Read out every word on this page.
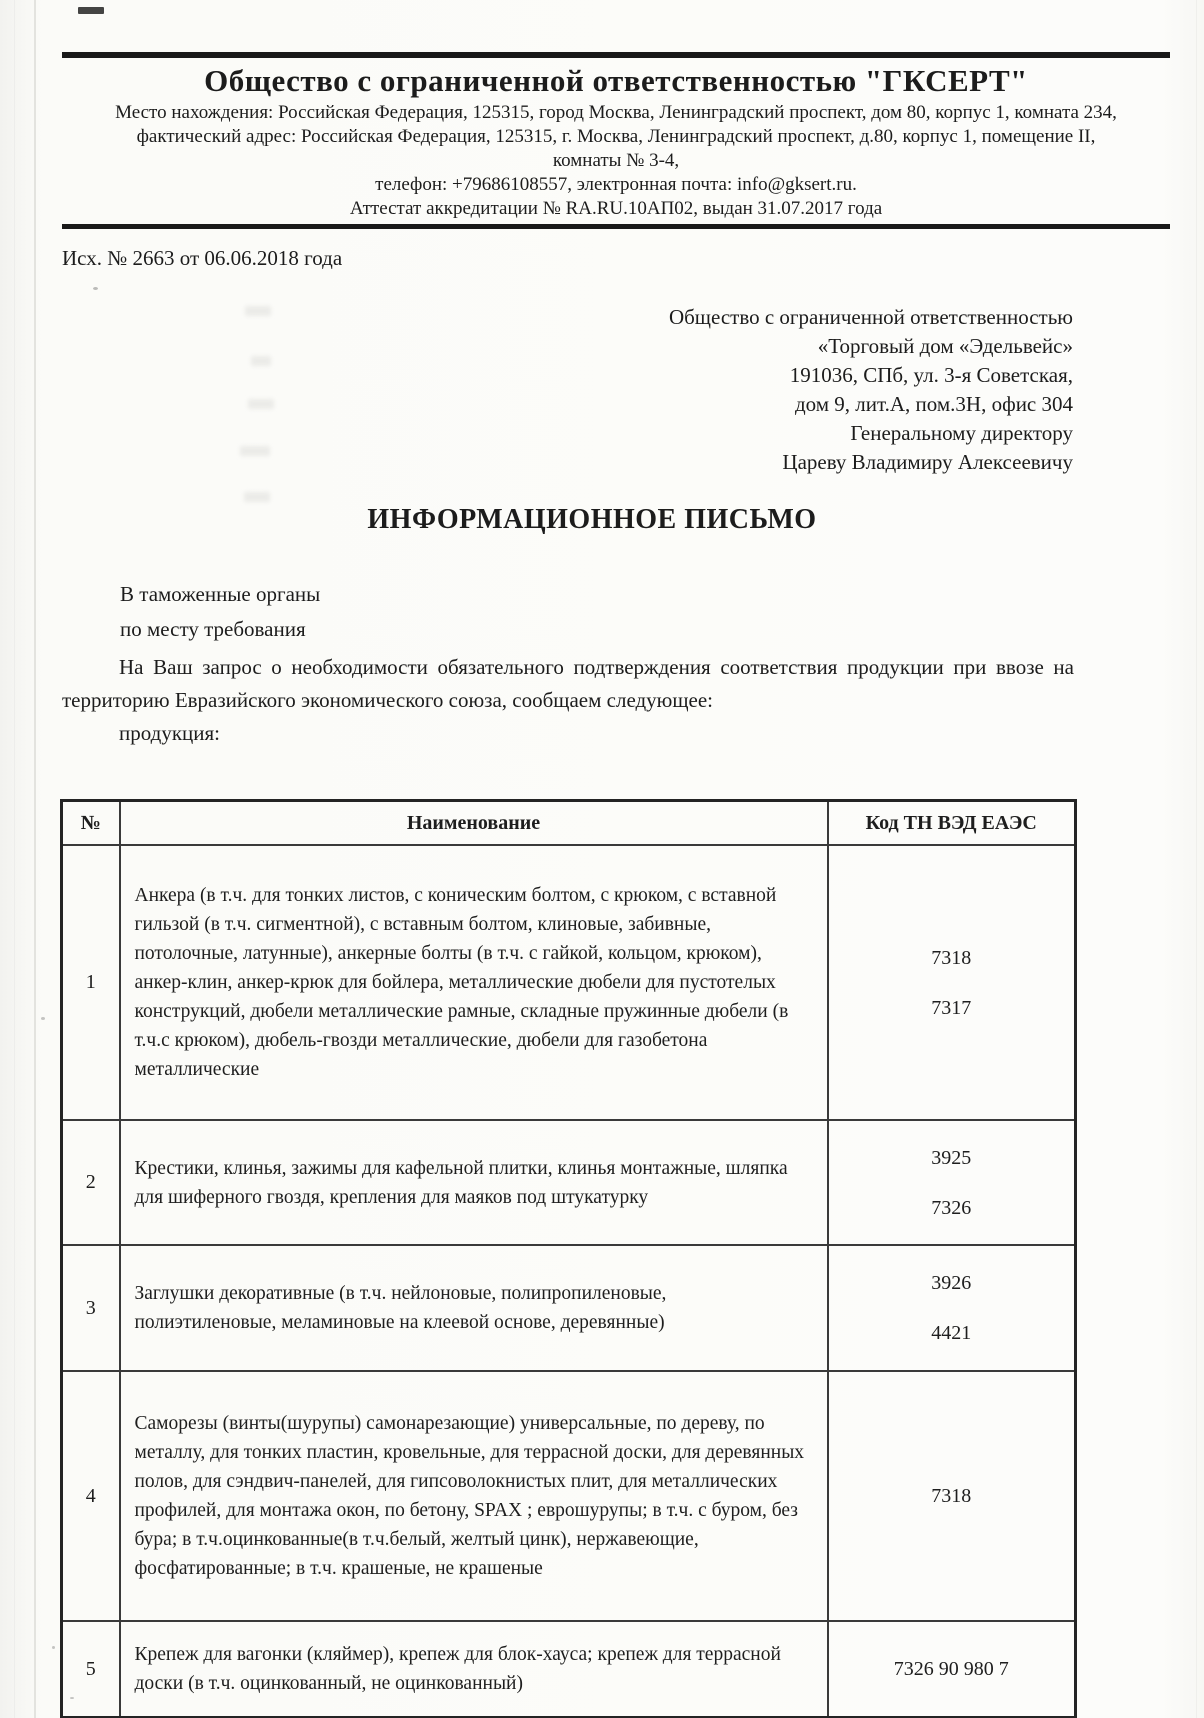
Общество с ограниченной ответственностью "ГКСЕРТ"
Место нахождения: Российская Федерация, 125315, город Москва, Ленинградский проспект, дом 80, корпус 1, комната 234,
фактический адрес: Российская Федерация, 125315, г. Москва, Ленинградский проспект, д.80, корпус 1, помещение II,
комнаты № 3-4,
телефон: +79686108557, электронная почта: info@gksert.ru.
Аттестат аккредитации № RA.RU.10АП02, выдан 31.07.2017 года
Исх. № 2663 от 06.06.2018 года
Общество с ограниченной ответственностью
«Торговый дом «Эдельвейс»
191036, СПб, ул. 3-я Советская,
дом 9, лит.А, пом.3Н, офис 304
Генеральному директору
Цареву Владимиру Алексеевичу
ИНФОРМАЦИОННОЕ ПИСЬМО
В таможенные органы
по месту требования
На Ваш запрос о необходимости обязательного подтверждения соответствия продукции при ввозе на территорию Евразийского экономического союза, сообщаем следующее:
продукция:
№	Наименование	Код ТН ВЭД ЕАЭС
1	Анкера (в т.ч. для тонких листов, с коническим болтом, с крюком, с вставной гильзой (в т.ч. сигментной), с вставным болтом, клиновые, забивные, потолочные, латунные), анкерные болты (в т.ч. с гайкой, кольцом, крюком), анкер-клин, анкер-крюк для бойлера, металлические дюбели для пустотелых конструкций, дюбели металлические рамные, складные пружинные дюбели (в т.ч.с крюком), дюбель-гвозди металлические, дюбели для газобетона металлические	7318
7317

2	Крестики, клинья, зажимы для кафельной плитки, клинья монтажные, шляпка для шиферного гвоздя, крепления для маяков под штукатурку	3925
7326

3	Заглушки декоративные (в т.ч. нейлоновые, полипропиленовые, полиэтиленовые, меламиновые на клеевой основе, деревянные)	3926
4421

4	Саморезы (винты(шурупы) самонарезающие) универсальные, по дереву, по металлу, для тонких пластин, кровельные, для террасной доски, для деревянных полов, для сэндвич-панелей, для гипсоволокнистых плит, для металлических профилей, для монтажа окон, по бетону, SPAX ; еврошурупы; в т.ч. с буром, без бура; в т.ч.оцинкованные(в т.ч.белый, желтый цинк), нержавеющие, фосфатированные; в т.ч. крашеные, не крашеные	7318

5	Крепеж для вагонки (кляймер), крепеж для блок-хауса; крепеж для террасной доски (в т.ч. оцинкованный, не оцинкованный)	7326 90 980 7
